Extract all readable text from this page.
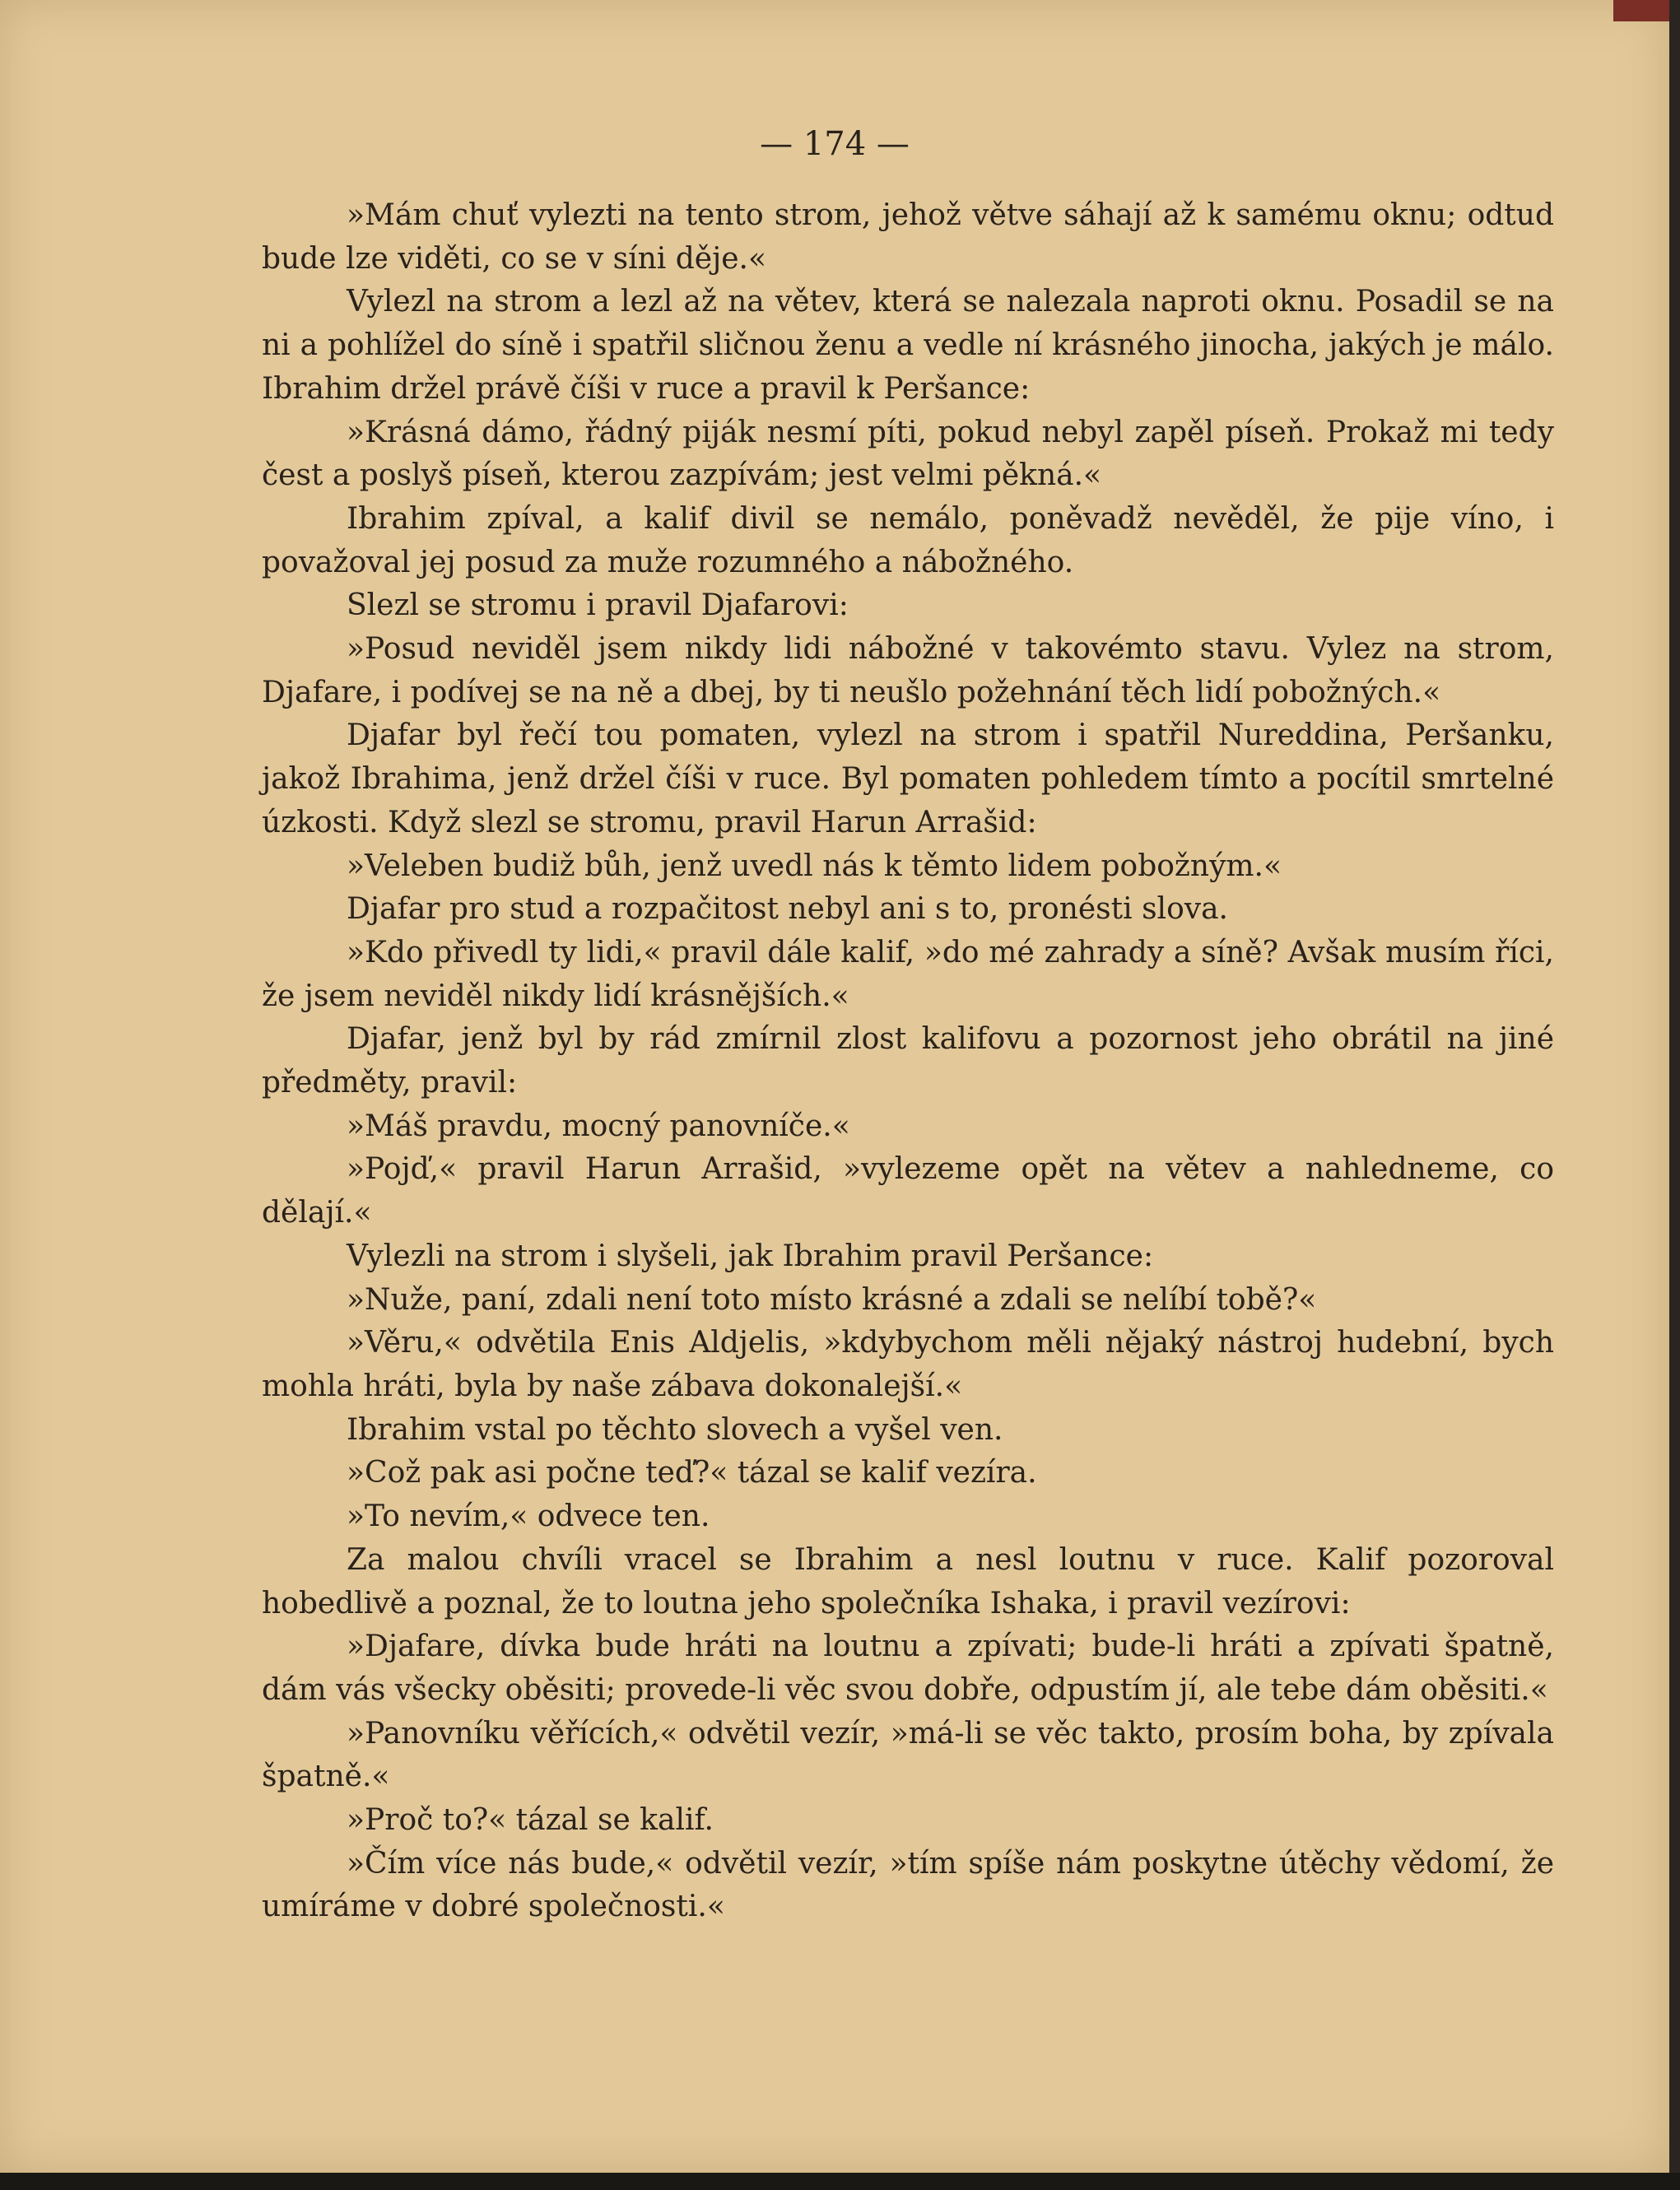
— 174 —

»Mám chuť vylezti na tento strom, jehož větve sáhají až k samému oknu; odtud bude lze viděti, co se v síni děje.«

Vylezl na strom a lezl až na větev, která se nalezala naproti oknu. Posadil se na ni a pohlížel do síně i spatřil sličnou ženu a vedle ní krásného jinocha, jakých je málo. Ibrahim držel právě číši v ruce a pravil k Peršance:

»Krásná dámo, řádný piják nesmí píti, pokud nebyl zapěl píseň. Prokaž mi tedy čest a poslyš píseň, kterou zazpívám; jest velmi pěkná.«

Ibrahim zpíval, a kalif divil se nemálo, poněvadž nevěděl, že pije víno, i považoval jej posud za muže rozumného a nábožného.

Slezl se stromu i pravil Djafarovi:

»Posud neviděl jsem nikdy lidi nábožné v takovémto stavu. Vylez na strom, Djafare, i podívej se na ně a dbej, by ti neušlo požehnání těch lidí pobožných.«

Djafar byl řečí tou pomaten, vylezl na strom i spatřil Nureddina, Peršanku, jakož Ibrahima, jenž držel číši v ruce. Byl pomaten pohledem tímto a pocítil smrtelné úzkosti. Když slezl se stromu, pravil Harun Arrašid:

»Veleben budiž bůh, jenž uvedl nás k těmto lidem pobožným.«

Djafar pro stud a rozpačitost nebyl ani s to, pronésti slova.

»Kdo přivedl ty lidi,« pravil dále kalif, »do mé zahrady a síně? Avšak musím říci, že jsem neviděl nikdy lidí krásnějších.«

Djafar, jenž byl by rád zmírnil zlost kalifovu a pozornost jeho obrátil na jiné předměty, pravil:

»Máš pravdu, mocný panovníče.«

»Pojď,« pravil Harun Arrašid, »vylezeme opět na větev a nahledneme, co dělají.«

Vylezli na strom i slyšeli, jak Ibrahim pravil Peršance:

»Nuže, paní, zdali není toto místo krásné a zdali se nelíbí tobě?«

»Věru,« odvětila Enis Aldjelis, »kdybychom měli nějaký nástroj hudební, bych mohla hráti, byla by naše zábava dokonalejší.«

Ibrahim vstal po těchto slovech a vyšel ven.

»Což pak asi počne teď?« tázal se kalif vezíra.

»To nevím,« odvece ten.

Za malou chvíli vracel se Ibrahim a nesl loutnu v ruce. Kalif pozoroval hobedlivě a poznal, že to loutna jeho společníka Ishaka, i pravil vezírovi:

»Djafare, dívka bude hráti na loutnu a zpívati; bude-li hráti a zpívati špatně, dám vás všecky oběsiti; provede-li věc svou dobře, odpustím jí, ale tebe dám oběsiti.«

»Panovníku věřících,« odvětil vezír, »má-li se věc takto, prosím boha, by zpívala špatně.«

»Proč to?« tázal se kalif.

»Čím více nás bude,« odvětil vezír, »tím spíše nám poskytne útěchy vědomí, že umíráme v dobré společnosti.«
